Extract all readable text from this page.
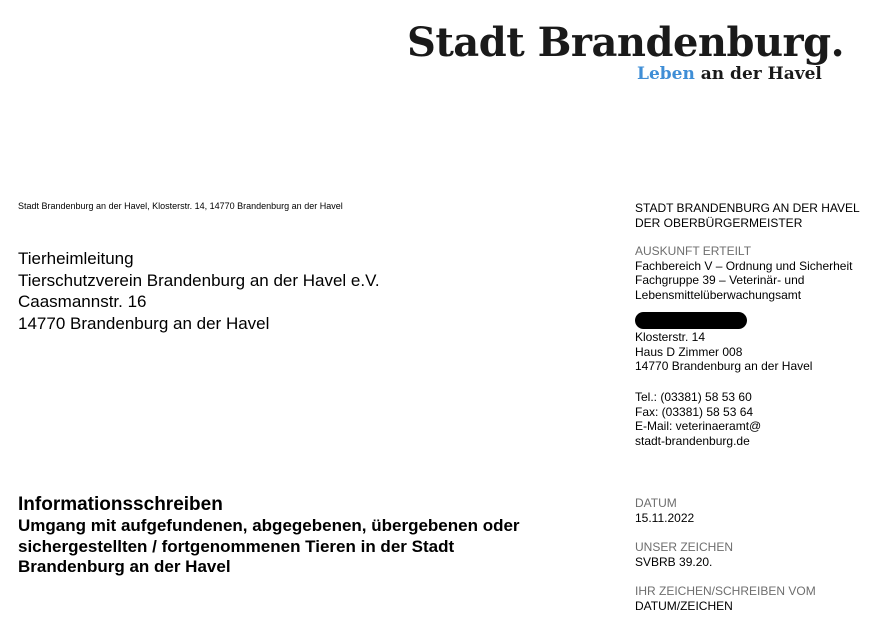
Stadt Brandenburg.
Leben an der Havel
Stadt Brandenburg an der Havel, Klosterstr. 14, 14770 Brandenburg an der Havel
Tierheimleitung
Tierschutzverein Brandenburg an der Havel e.V.
Caasmannstr. 16
14770 Brandenburg an der Havel
Informationsschreiben
Umgang mit aufgefundenen, abgegebenen, übergebenen oder
sichergestellten / fortgenommenen Tieren in der Stadt
Brandenburg an der Havel
STADT BRANDENBURG AN DER HAVEL
DER OBERBÜRGERMEISTER
AUSKUNFT ERTEILT
Fachbereich V – Ordnung und Sicherheit
Fachgruppe 39 – Veterinär- und
Lebensmittelüberwachungsamt
Klosterstr. 14
Haus D Zimmer 008
14770 Brandenburg an der Havel
Tel.: (03381) 58 53 60
Fax: (03381) 58 53 64
E-Mail: veterinaeramt@
stadt-brandenburg.de
DATUM
15.11.2022
UNSER ZEICHEN
SVBRB 39.20.
IHR ZEICHEN/SCHREIBEN VOM
DATUM/ZEICHEN
